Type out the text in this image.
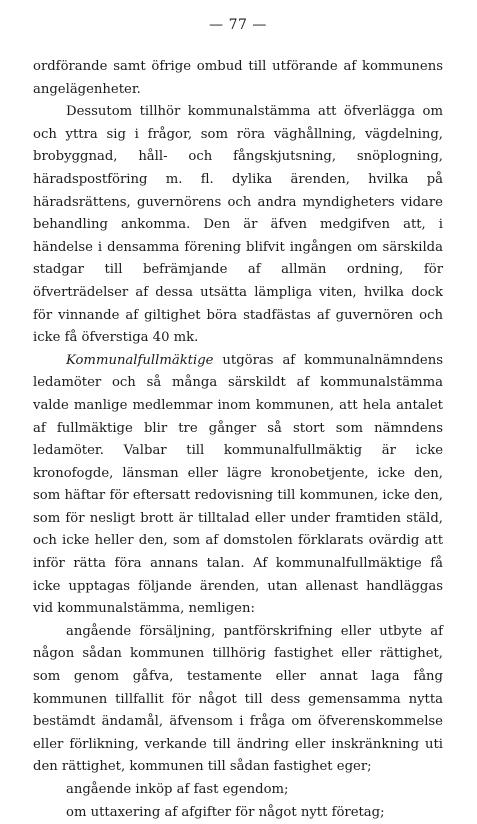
— 77 —

ordförande samt öfrige ombud till utförande af kommunens angelägenheter.

Dessutom tillhör kommunalstämma att öfverlägga om och yttra sig i frågor, som röra väghållning, vägdelning, brobyggnad, håll- och fångskjutsning, snöplogning, häradspostföring m. fl. dylika ärenden, hvilka på häradsrättens, guvernörens och andra myndigheters vidare behandling ankomma. Den är äfven medgifven att, i händelse i densamma förening blifvit ingången om särskilda stadgar till befrämjande af allmän ordning, för öfverträdelser af dessa utsätta lämpliga viten, hvilka dock för vinnande af giltighet böra stadfästas af guvernören och icke få öfverstiga 40 mk.

Kommunalfullmäktige utgöras af kommunalnämndens ledamöter och så många särskildt af kommunalstämma valde manlige medlemmar inom kommunen, att hela antalet af fullmäktige blir tre gånger så stort som nämndens ledamöter. Valbar till kommunalfullmäktig är icke kronofogde, länsman eller lägre kronobetjente, icke den, som häftar för eftersatt redovisning till kommunen, icke den, som för nesligt brott är tilltalad eller under framtiden stäld, och icke heller den, som af domstolen förklarats ovärdig att inför rätta föra annans talan. Af kommunalfullmäktige få icke upptagas följande ärenden, utan allenast handläggas vid kommunalstämma, nemligen:

angående försäljning, pantförskrifning eller utbyte af någon sådan kommunen tillhörig fastighet eller rättighet, som genom gåfva, testamente eller annat laga fång kommunen tillfallit för något till dess gemensamma nytta bestämdt ändamål, äfvensom i fråga om öfverenskommelse eller förlikning, verkande till ändring eller inskränkning uti den rättighet, kommunen till sådan fastighet eger;

angående inköp af fast egendom;

om uttaxering af afgifter för något nytt företag;
